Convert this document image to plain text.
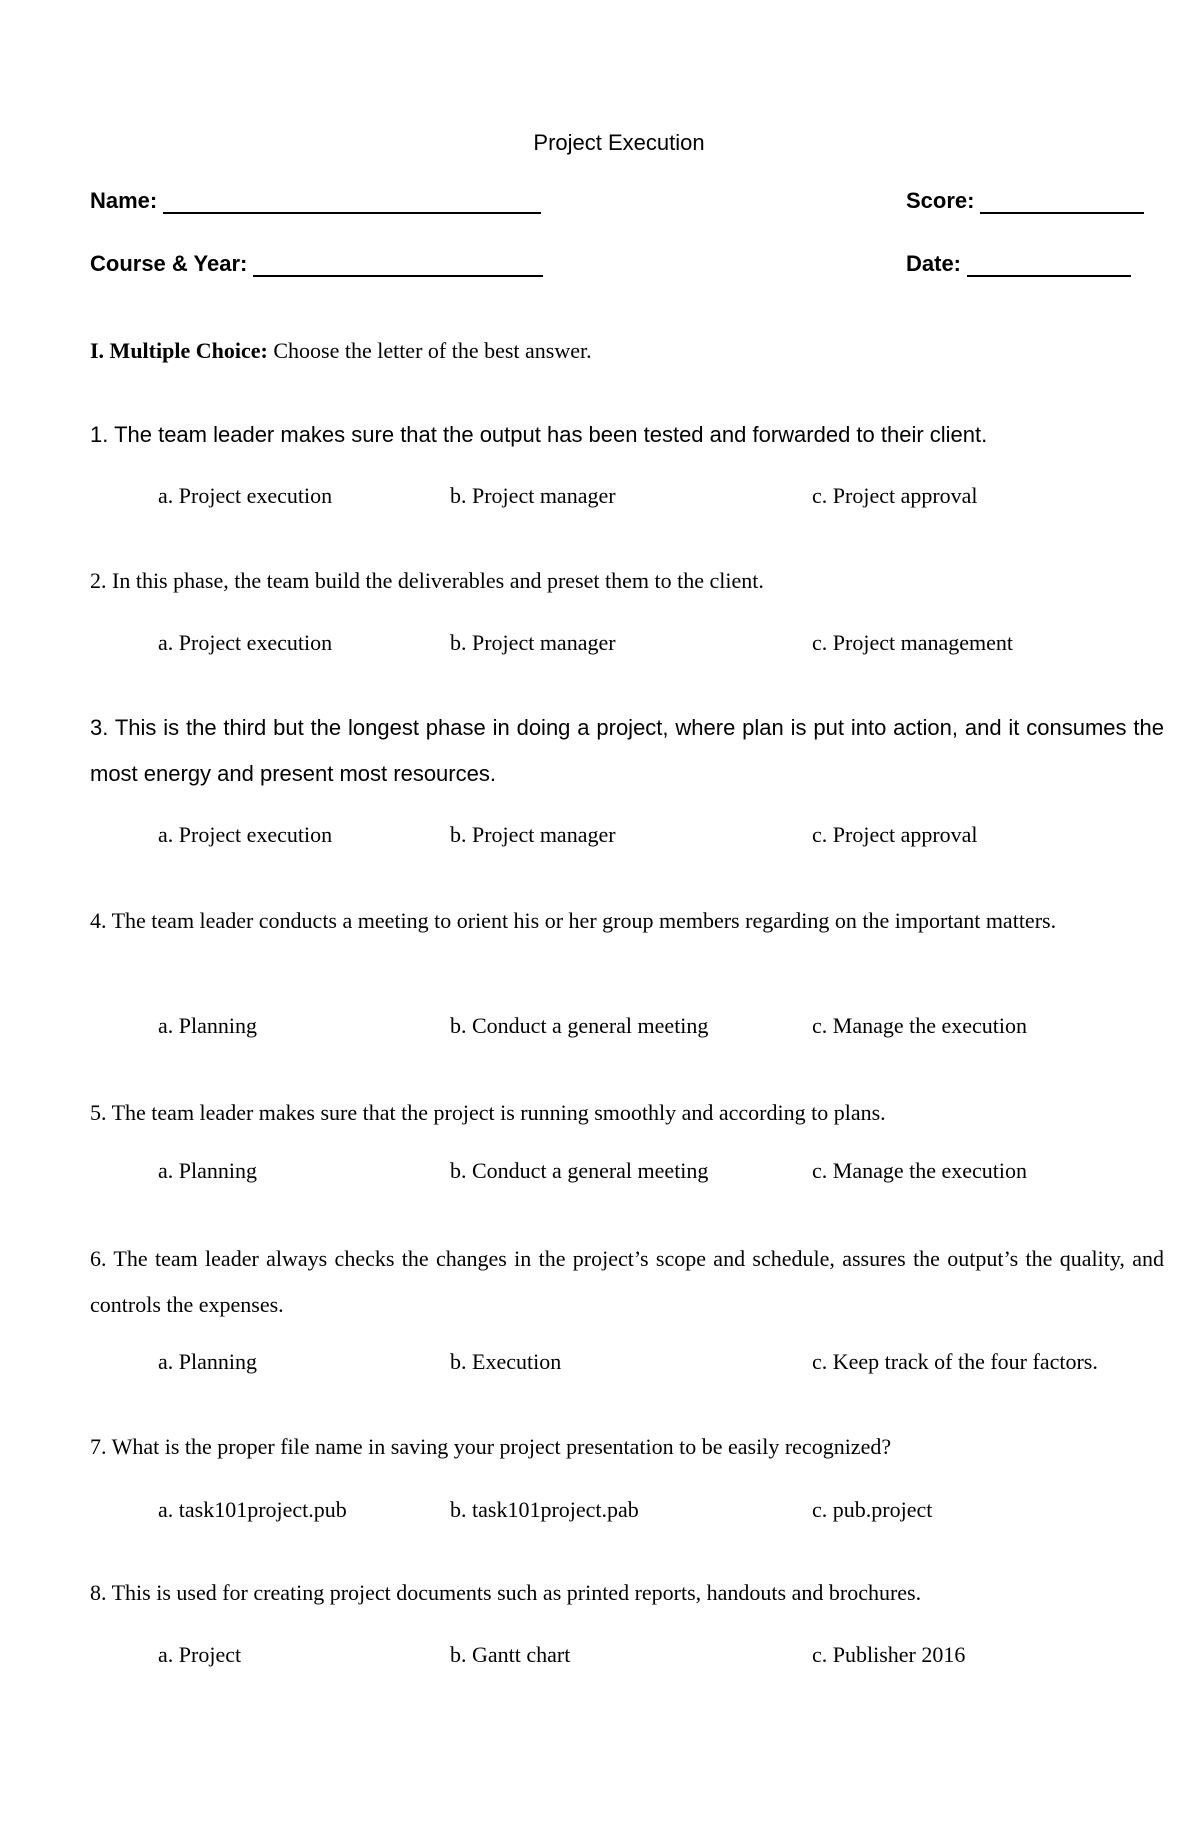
Project Execution
Name:	Score:
Course & Year:	Date:
I. Multiple Choice: Choose the letter of the best answer.
1. The team leader makes sure that the output has been tested and forwarded to their client.
a. Project execution	b. Project manager	c. Project approval
2. In this phase, the team build the deliverables and preset them to the client.
a. Project execution	b. Project manager	c. Project management
3. This is the third but the longest phase in doing a project, where plan is put into action, and it consumes the most energy and present most resources.
a. Project execution	b. Project manager	c. Project approval
4. The team leader conducts a meeting to orient his or her group members regarding on the important matters.
a. Planning	b. Conduct a general meeting	c. Manage the execution
5. The team leader makes sure that the project is running smoothly and according to plans.
a. Planning	b. Conduct a general meeting	c. Manage the execution
6. The team leader always checks the changes in the project’s scope and schedule, assures the output’s the quality, and controls the expenses.
a. Planning	b. Execution	c. Keep track of the four factors.
7. What is the proper file name in saving your project presentation to be easily recognized?
a. task101project.pub	b. task101project.pab	c. pub.project
8. This is used for creating project documents such as printed reports, handouts and brochures.
a. Project	b. Gantt chart	c. Publisher 2016
